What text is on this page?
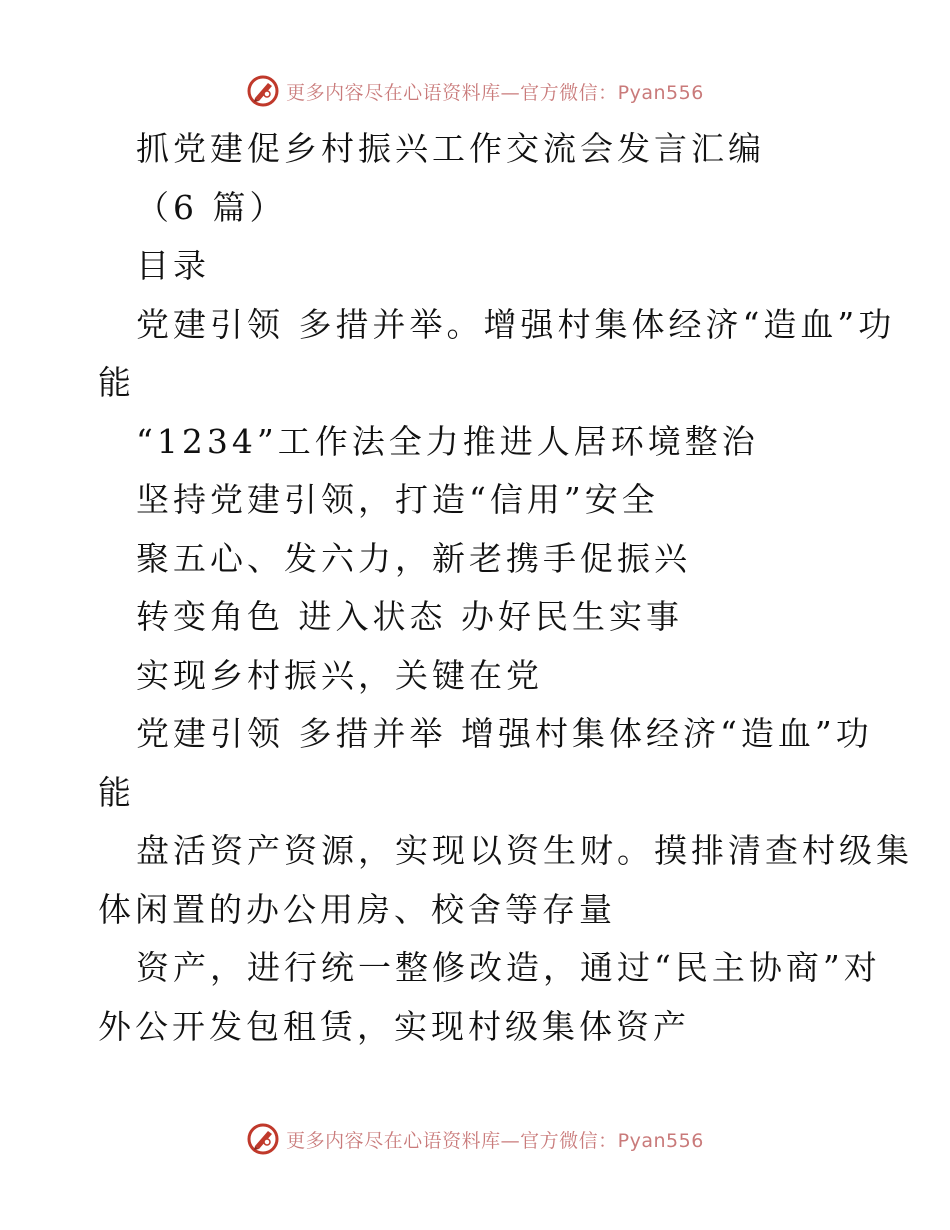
更多内容尽在心语资料库—官方微信：Pyan556
抓党建促乡村振兴工作交流会发言汇编
（6 篇）
目录
党建引领 多措并举。增强村集体经济“造血”功
能
“1234”工作法全力推进人居环境整治
坚持党建引领，打造“信用”安全
聚五心、发六力，新老携手促振兴
转变角色 进入状态 办好民生实事
实现乡村振兴，关键在党
党建引领 多措并举 增强村集体经济“造血”功
能
盘活资产资源，实现以资生财。摸排清查村级集
体闲置的办公用房、校舍等存量
资产，进行统一整修改造，通过“民主协商”对
外公开发包租赁，实现村级集体资产
更多内容尽在心语资料库—官方微信：Pyan556
